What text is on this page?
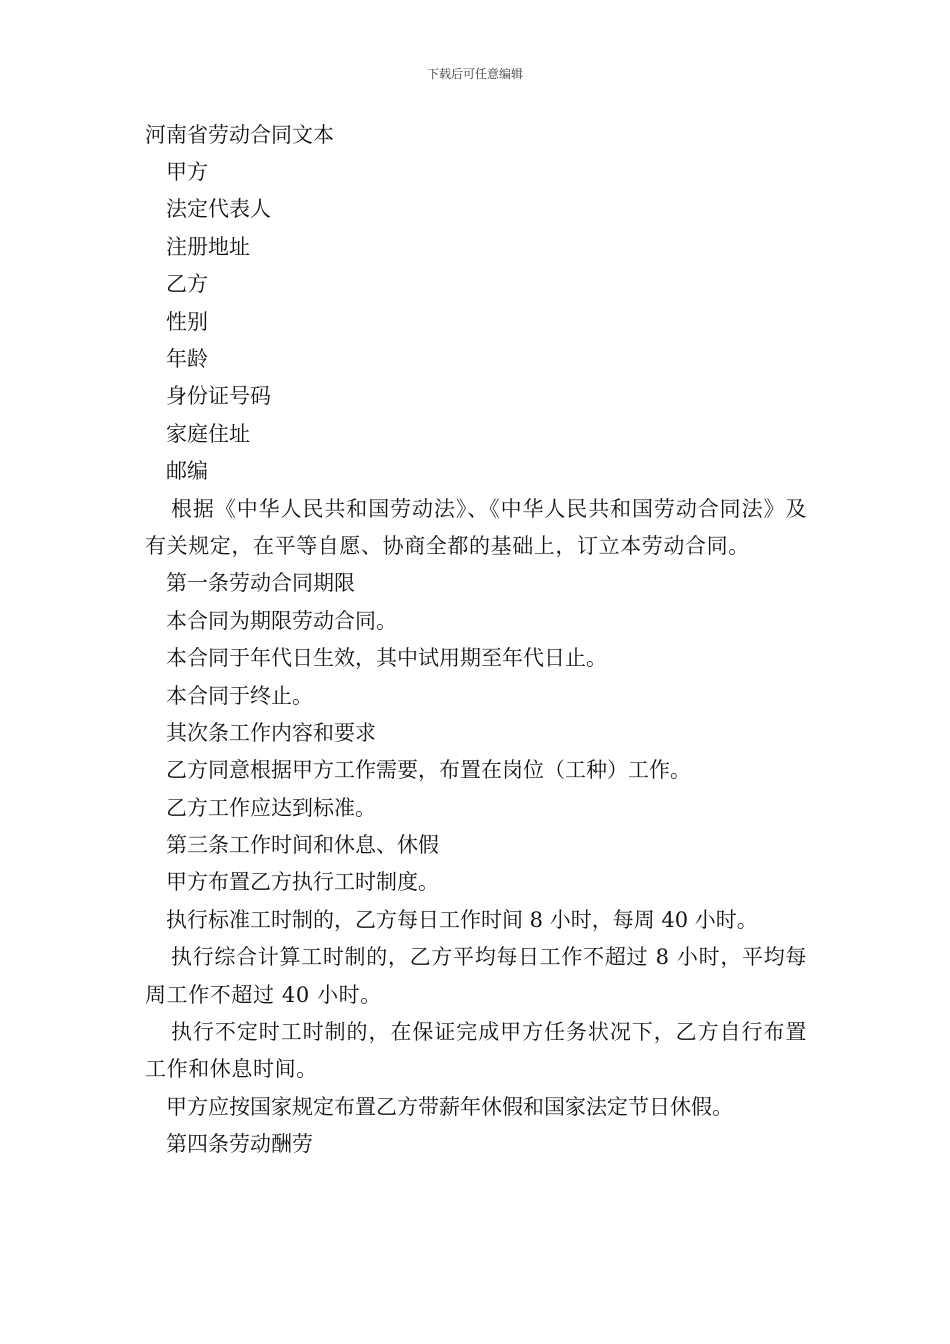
下载后可任意编辑
河南省劳动合同文本
甲方
法定代表人
注册地址
乙方
性别
年龄
身份证号码
家庭住址
邮编
根据《中华人民共和国劳动法》、《中华人民共和国劳动合同法》及有关规定，在平等自愿、协商全都的基础上，订立本劳动合同。
第一条劳动合同期限
本合同为期限劳动合同。
本合同于年代日生效，其中试用期至年代日止。
本合同于终止。
其次条工作内容和要求
乙方同意根据甲方工作需要，布置在岗位（工种）工作。
乙方工作应达到标准。
第三条工作时间和休息、休假
甲方布置乙方执行工时制度。
执行标准工时制的，乙方每日工作时间 8 小时，每周 40 小时。
执行综合计算工时制的，乙方平均每日工作不超过 8 小时，平均每周工作不超过 40 小时。
执行不定时工时制的，在保证完成甲方任务状况下，乙方自行布置工作和休息时间。
甲方应按国家规定布置乙方带薪年休假和国家法定节日休假。
第四条劳动酬劳
